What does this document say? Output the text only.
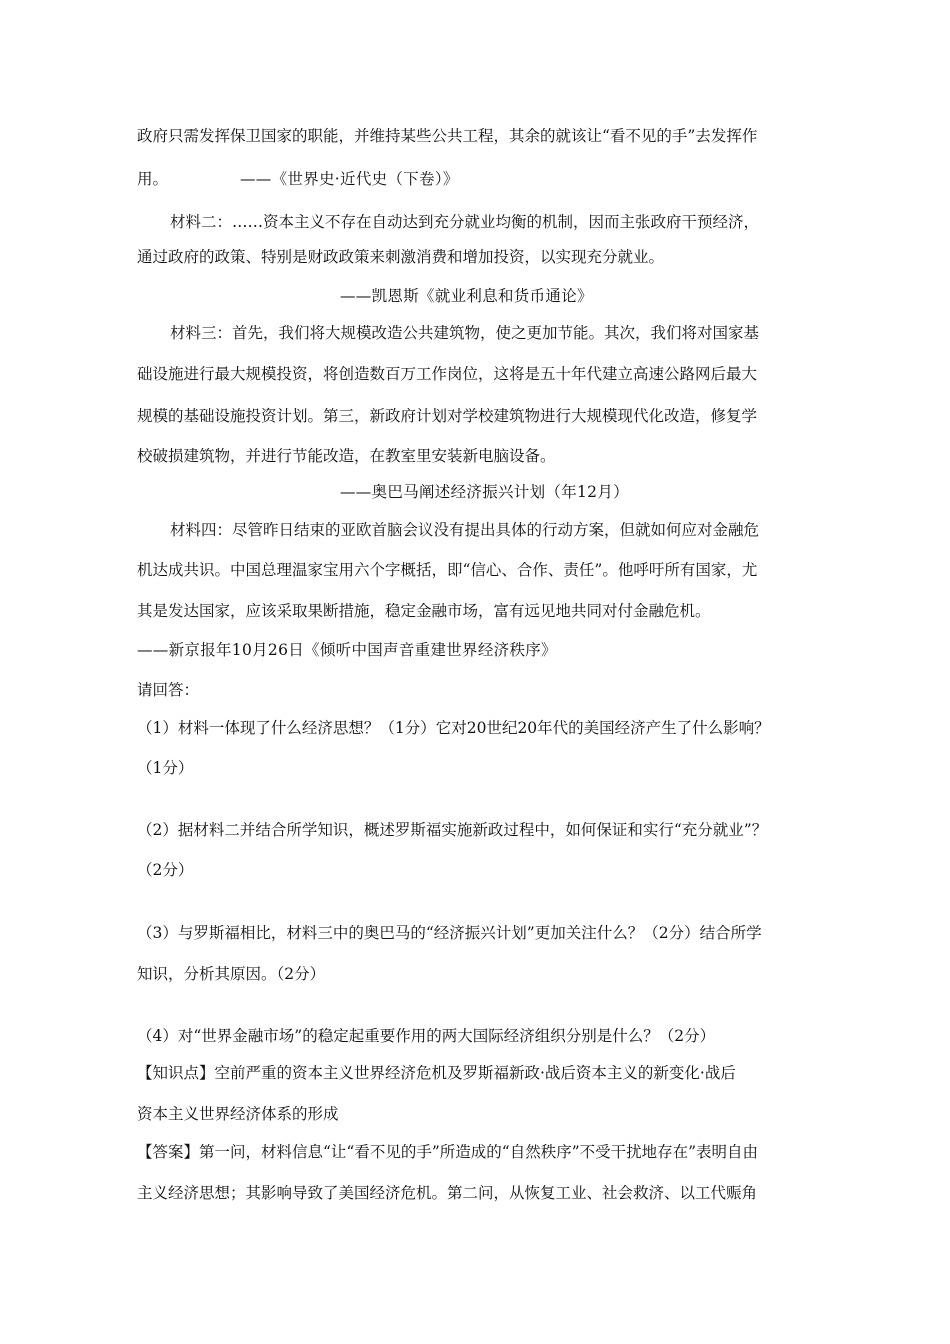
政府只需发挥保卫国家的职能，并维持某些公共工程，其余的就该让“看不见的手”去发挥作
用。	——《世界史·近代史（下卷）》
材料二：……资本主义不存在自动达到充分就业均衡的机制，因而主张政府干预经济，
通过政府的政策、特别是财政政策来刺激消费和增加投资，以实现充分就业。
——凯恩斯《就业利息和货币通论》
材料三：首先，我们将大规模改造公共建筑物，使之更加节能。其次，我们将对国家基
础设施进行最大规模投资，将创造数百万工作岗位，这将是五十年代建立高速公路网后最大
规模的基础设施投资计划。第三，新政府计划对学校建筑物进行大规模现代化改造，修复学
校破损建筑物，并进行节能改造，在教室里安装新电脑设备。
——奥巴马阐述经济振兴计划（年12月）
材料四：尽管昨日结束的亚欧首脑会议没有提出具体的行动方案，但就如何应对金融危
机达成共识。中国总理温家宝用六个字概括，即“信心、合作、责任”。他呼吁所有国家，尤
其是发达国家，应该采取果断措施，稳定金融市场，富有远见地共同对付金融危机。
——新京报年10月26日《倾听中国声音重建世界经济秩序》
请回答：
（1）材料一体现了什么经济思想？（1分）它对20世纪20年代的美国经济产生了什么影响？
（1分）
（2）据材料二并结合所学知识，概述罗斯福实施新政过程中，如何保证和实行“充分就业”？
（2分）
（3）与罗斯福相比，材料三中的奥巴马的“经济振兴计划”更加关注什么？（2分）结合所学
知识，分析其原因。（2分）
（4）对“世界金融市场”的稳定起重要作用的两大国际经济组织分别是什么？（2分）
【知识点】空前严重的资本主义世界经济危机及罗斯福新政·战后资本主义的新变化·战后
资本主义世界经济体系的形成
【答案】第一问，材料信息“让“看不见的手”所造成的“自然秩序”不受干扰地存在”表明自由
主义经济思想；其影响导致了美国经济危机。第二问，从恢复工业、社会救济、以工代赈角
